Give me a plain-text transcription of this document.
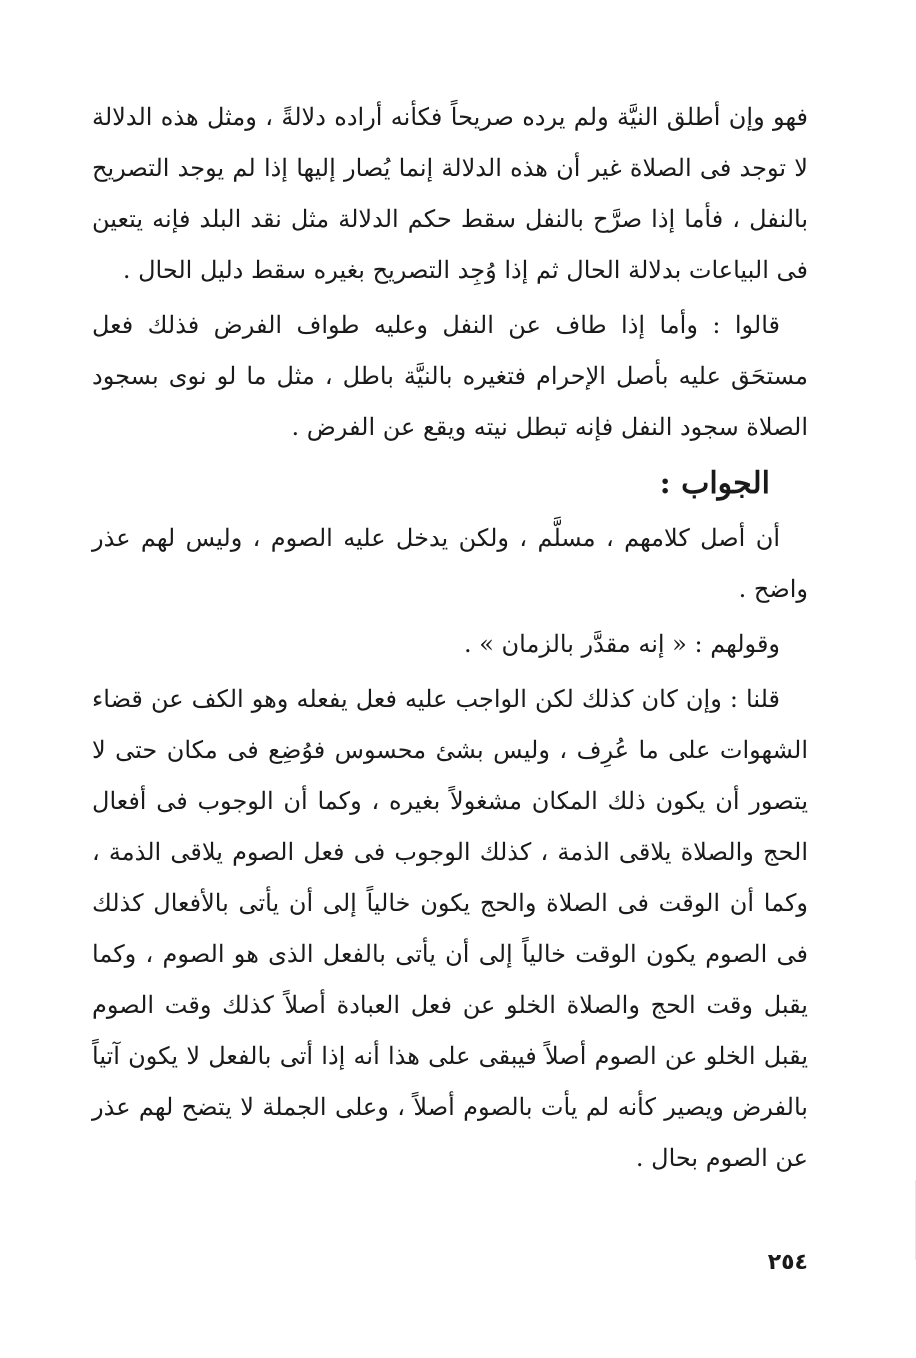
فهو وإن أطلق النيَّة ولم يرده صريحاً فكأنه أراده دلالةً ، ومثل هذه الدلالة لا توجد فى الصلاة غير أن هذه الدلالة إنما يُصار إليها إذا لم يوجد التصريح بالنفل ، فأما إذا صرَّح بالنفل سقط حكم الدلالة مثل نقد البلد فإنه يتعين فى البياعات بدلالة الحال ثم إذا وُجِد التصريح بغيره سقط دليل الحال .

قالوا : وأما إذا طاف عن النفل وعليه طواف الفرض فذلك فعل مستحَق عليه بأصل الإحرام فتغيره بالنيَّة باطل ، مثل ما لو نوى بسجود الصلاة سجود النفل فإنه تبطل نيته ويقع عن الفرض .

الجواب :

أن أصل كلامهم ، مسلَّم ، ولكن يدخل عليه الصوم ، وليس لهم عذر واضح .

وقولهم : « إنه مقدَّر بالزمان » .

قلنا : وإن كان كذلك لكن الواجب عليه فعل يفعله وهو الكف عن قضاء الشهوات على ما عُرِف ، وليس بشئ محسوس فوُضِع فى مكان حتى لا يتصور أن يكون ذلك المكان مشغولاً بغيره ، وكما أن الوجوب فى أفعال الحج والصلاة يلاقى الذمة ، كذلك الوجوب فى فعل الصوم يلاقى الذمة ، وكما أن الوقت فى الصلاة والحج يكون خالياً إلى أن يأتى بالأفعال كذلك فى الصوم يكون الوقت خالياً إلى أن يأتى بالفعل الذى هو الصوم ، وكما يقبل وقت الحج والصلاة الخلو عن فعل العبادة أصلاً كذلك وقت الصوم يقبل الخلو عن الصوم أصلاً فيبقى على هذا أنه إذا أتى بالفعل لا يكون آتياً بالفرض ويصير كأنه لم يأت بالصوم أصلاً ، وعلى الجملة لا يتضح لهم عذر عن الصوم بحال .

٢٥٤
